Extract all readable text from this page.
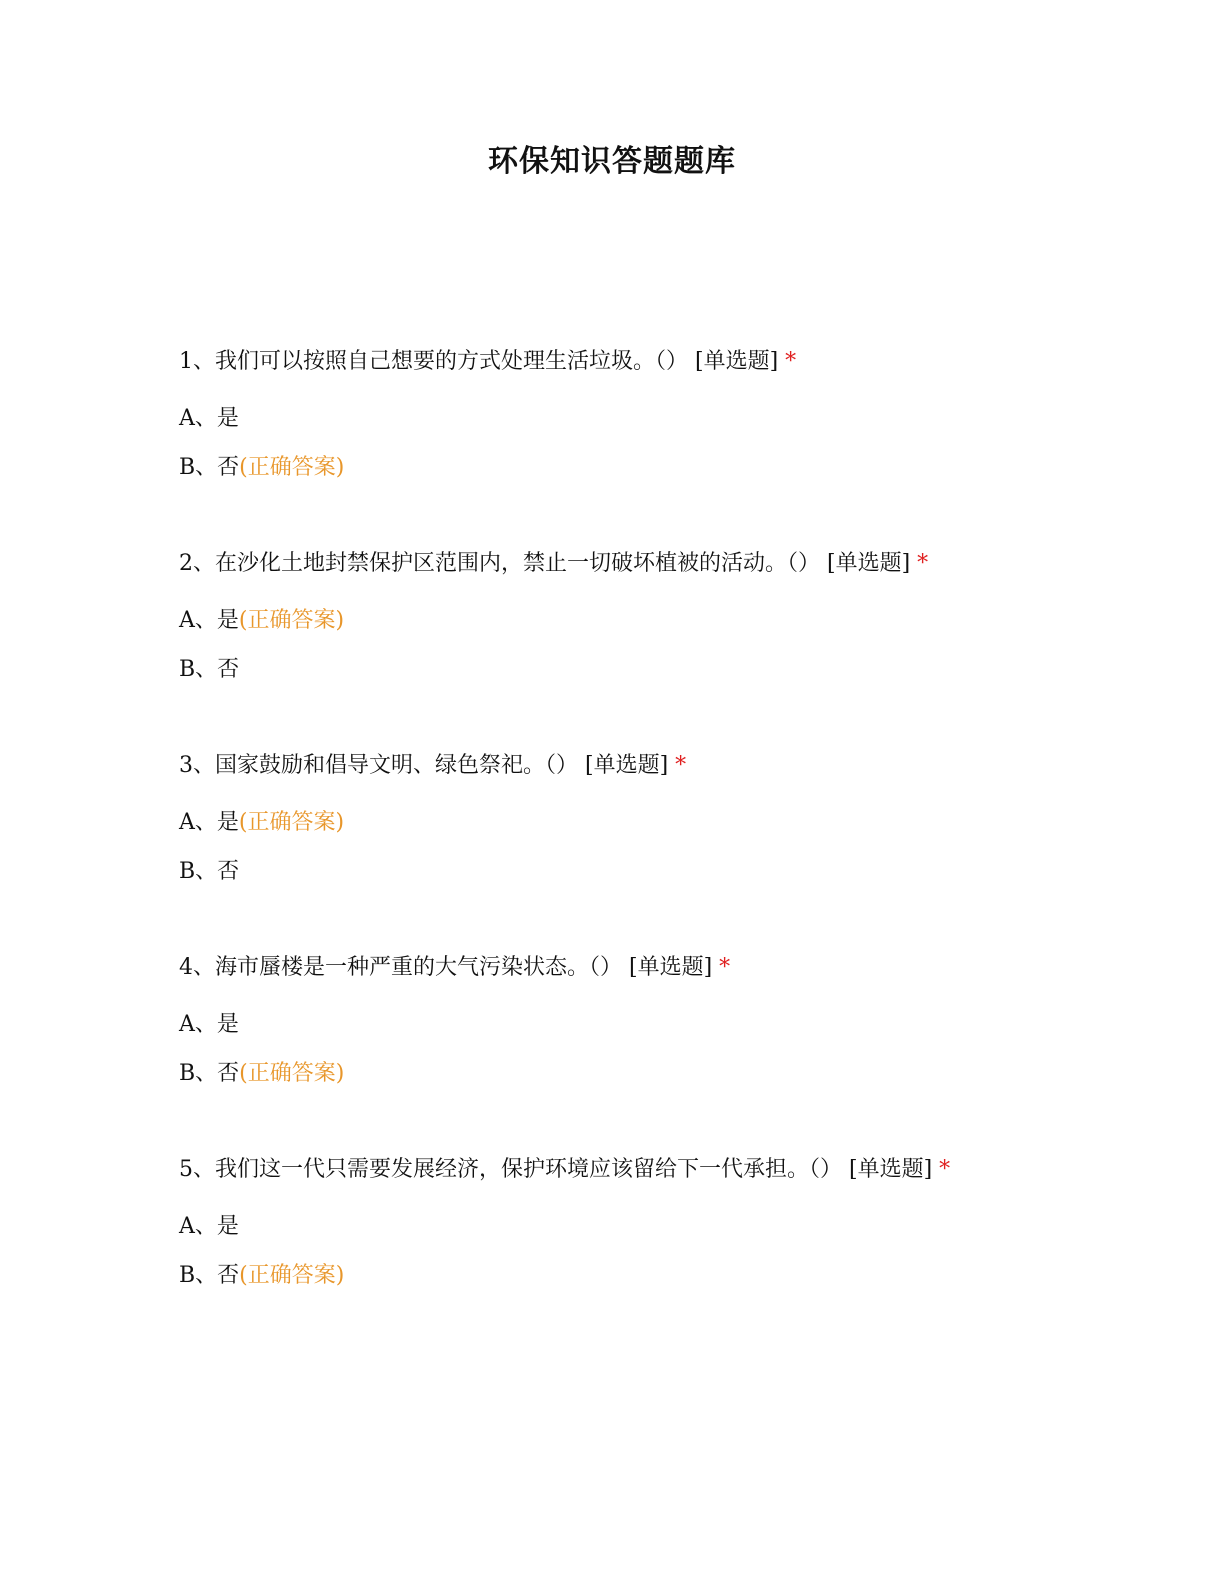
环保知识答题题库
1、我们可以按照自己想要的方式处理生活垃圾。（） [单选题] *
A、是
B、否(正确答案)
2、在沙化土地封禁保护区范围内，禁止一切破坏植被的活动。（） [单选题] *
A、是(正确答案)
B、否
3、国家鼓励和倡导文明、绿色祭祀。（） [单选题] *
A、是(正确答案)
B、否
4、海市蜃楼是一种严重的大气污染状态。（） [单选题] *
A、是
B、否(正确答案)
5、我们这一代只需要发展经济，保护环境应该留给下一代承担。（） [单选题] *
A、是
B、否(正确答案)
